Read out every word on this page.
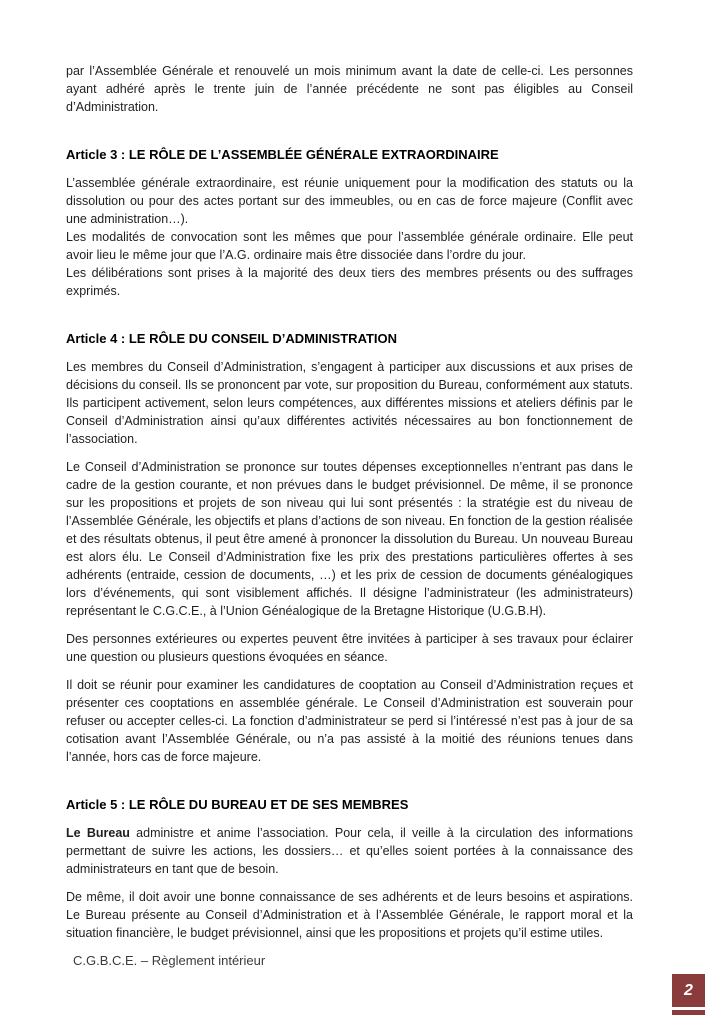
par l’Assemblée Générale et renouvelé un mois minimum avant la date de celle-ci. Les personnes ayant adhéré après le trente juin de l’année précédente ne sont pas éligibles au Conseil d’Administration.

Article 3 : LE RÔLE DE L’ASSEMBLÉE GÉNÉRALE EXTRAORDINAIRE

L’assemblée générale extraordinaire, est réunie uniquement pour la modification des statuts ou la dissolution ou pour des actes portant sur des immeubles, ou en cas de force majeure (Conflit avec une administration…).

Les modalités de convocation sont les mêmes que pour l’assemblée générale ordinaire. Elle peut avoir lieu le même jour que l’A.G. ordinaire mais être dissociée dans l’ordre du jour.

Les délibérations sont prises à la majorité des deux tiers des membres présents ou des suffrages exprimés.

Article 4 : LE RÔLE DU CONSEIL D’ADMINISTRATION

Les membres du Conseil d’Administration, s’engagent à participer aux discussions et aux prises de décisions du conseil. Ils se prononcent par vote, sur proposition du Bureau, conformément aux statuts. Ils participent activement, selon leurs compétences, aux différentes missions et ateliers définis par le Conseil d’Administration ainsi qu’aux différentes activités nécessaires au bon fonctionnement de l’association.

Le Conseil d’Administration se prononce sur toutes dépenses exceptionnelles n’entrant pas dans le cadre de la gestion courante, et non prévues dans le budget prévisionnel. De même, il se prononce sur les propositions et projets de son niveau qui lui sont présentés : la stratégie est du niveau de l’Assemblée Générale, les objectifs et plans d’actions de son niveau. En fonction de la gestion réalisée et des résultats obtenus, il peut être amené à prononcer la dissolution du Bureau. Un nouveau Bureau est alors élu. Le Conseil d’Administration fixe les prix des prestations particulières offertes à ses adhérents (entraide, cession de documents, …) et les prix de cession de documents généalogiques lors d’événements, qui sont visiblement affichés. Il désigne l’administrateur (les administrateurs) représentant le C.G.C.E., à l’Union Généalogique de la Bretagne Historique (U.G.B.H).

Des personnes extérieures ou expertes peuvent être invitées à participer à ses travaux pour éclairer une question ou plusieurs questions évoquées en séance.

Il doit se réunir pour examiner les candidatures de cooptation au Conseil d’Administration reçues et présenter ces cooptations en assemblée générale. Le Conseil d’Administration est souverain pour refuser ou accepter celles-ci. La fonction d’administrateur se perd si l’intéressé n’est pas à jour de sa cotisation avant l’Assemblée Générale, ou n’a pas assisté à la moitié des réunions tenues dans l’année, hors cas de force majeure.

Article 5 : LE RÔLE DU BUREAU ET DE SES MEMBRES

Le Bureau administre et anime l’association. Pour cela, il veille à la circulation des informations permettant de suivre les actions, les dossiers… et qu’elles soient portées à la connaissance des administrateurs en tant que de besoin.

De même, il doit avoir une bonne connaissance de ses adhérents et de leurs besoins et aspirations. Le Bureau présente au Conseil d’Administration et à l’Assemblée Générale, le rapport moral et la situation financière, le budget prévisionnel, ainsi que les propositions et projets qu’il estime utiles.

C.G.B.C.E. – Règlement intérieur
2
